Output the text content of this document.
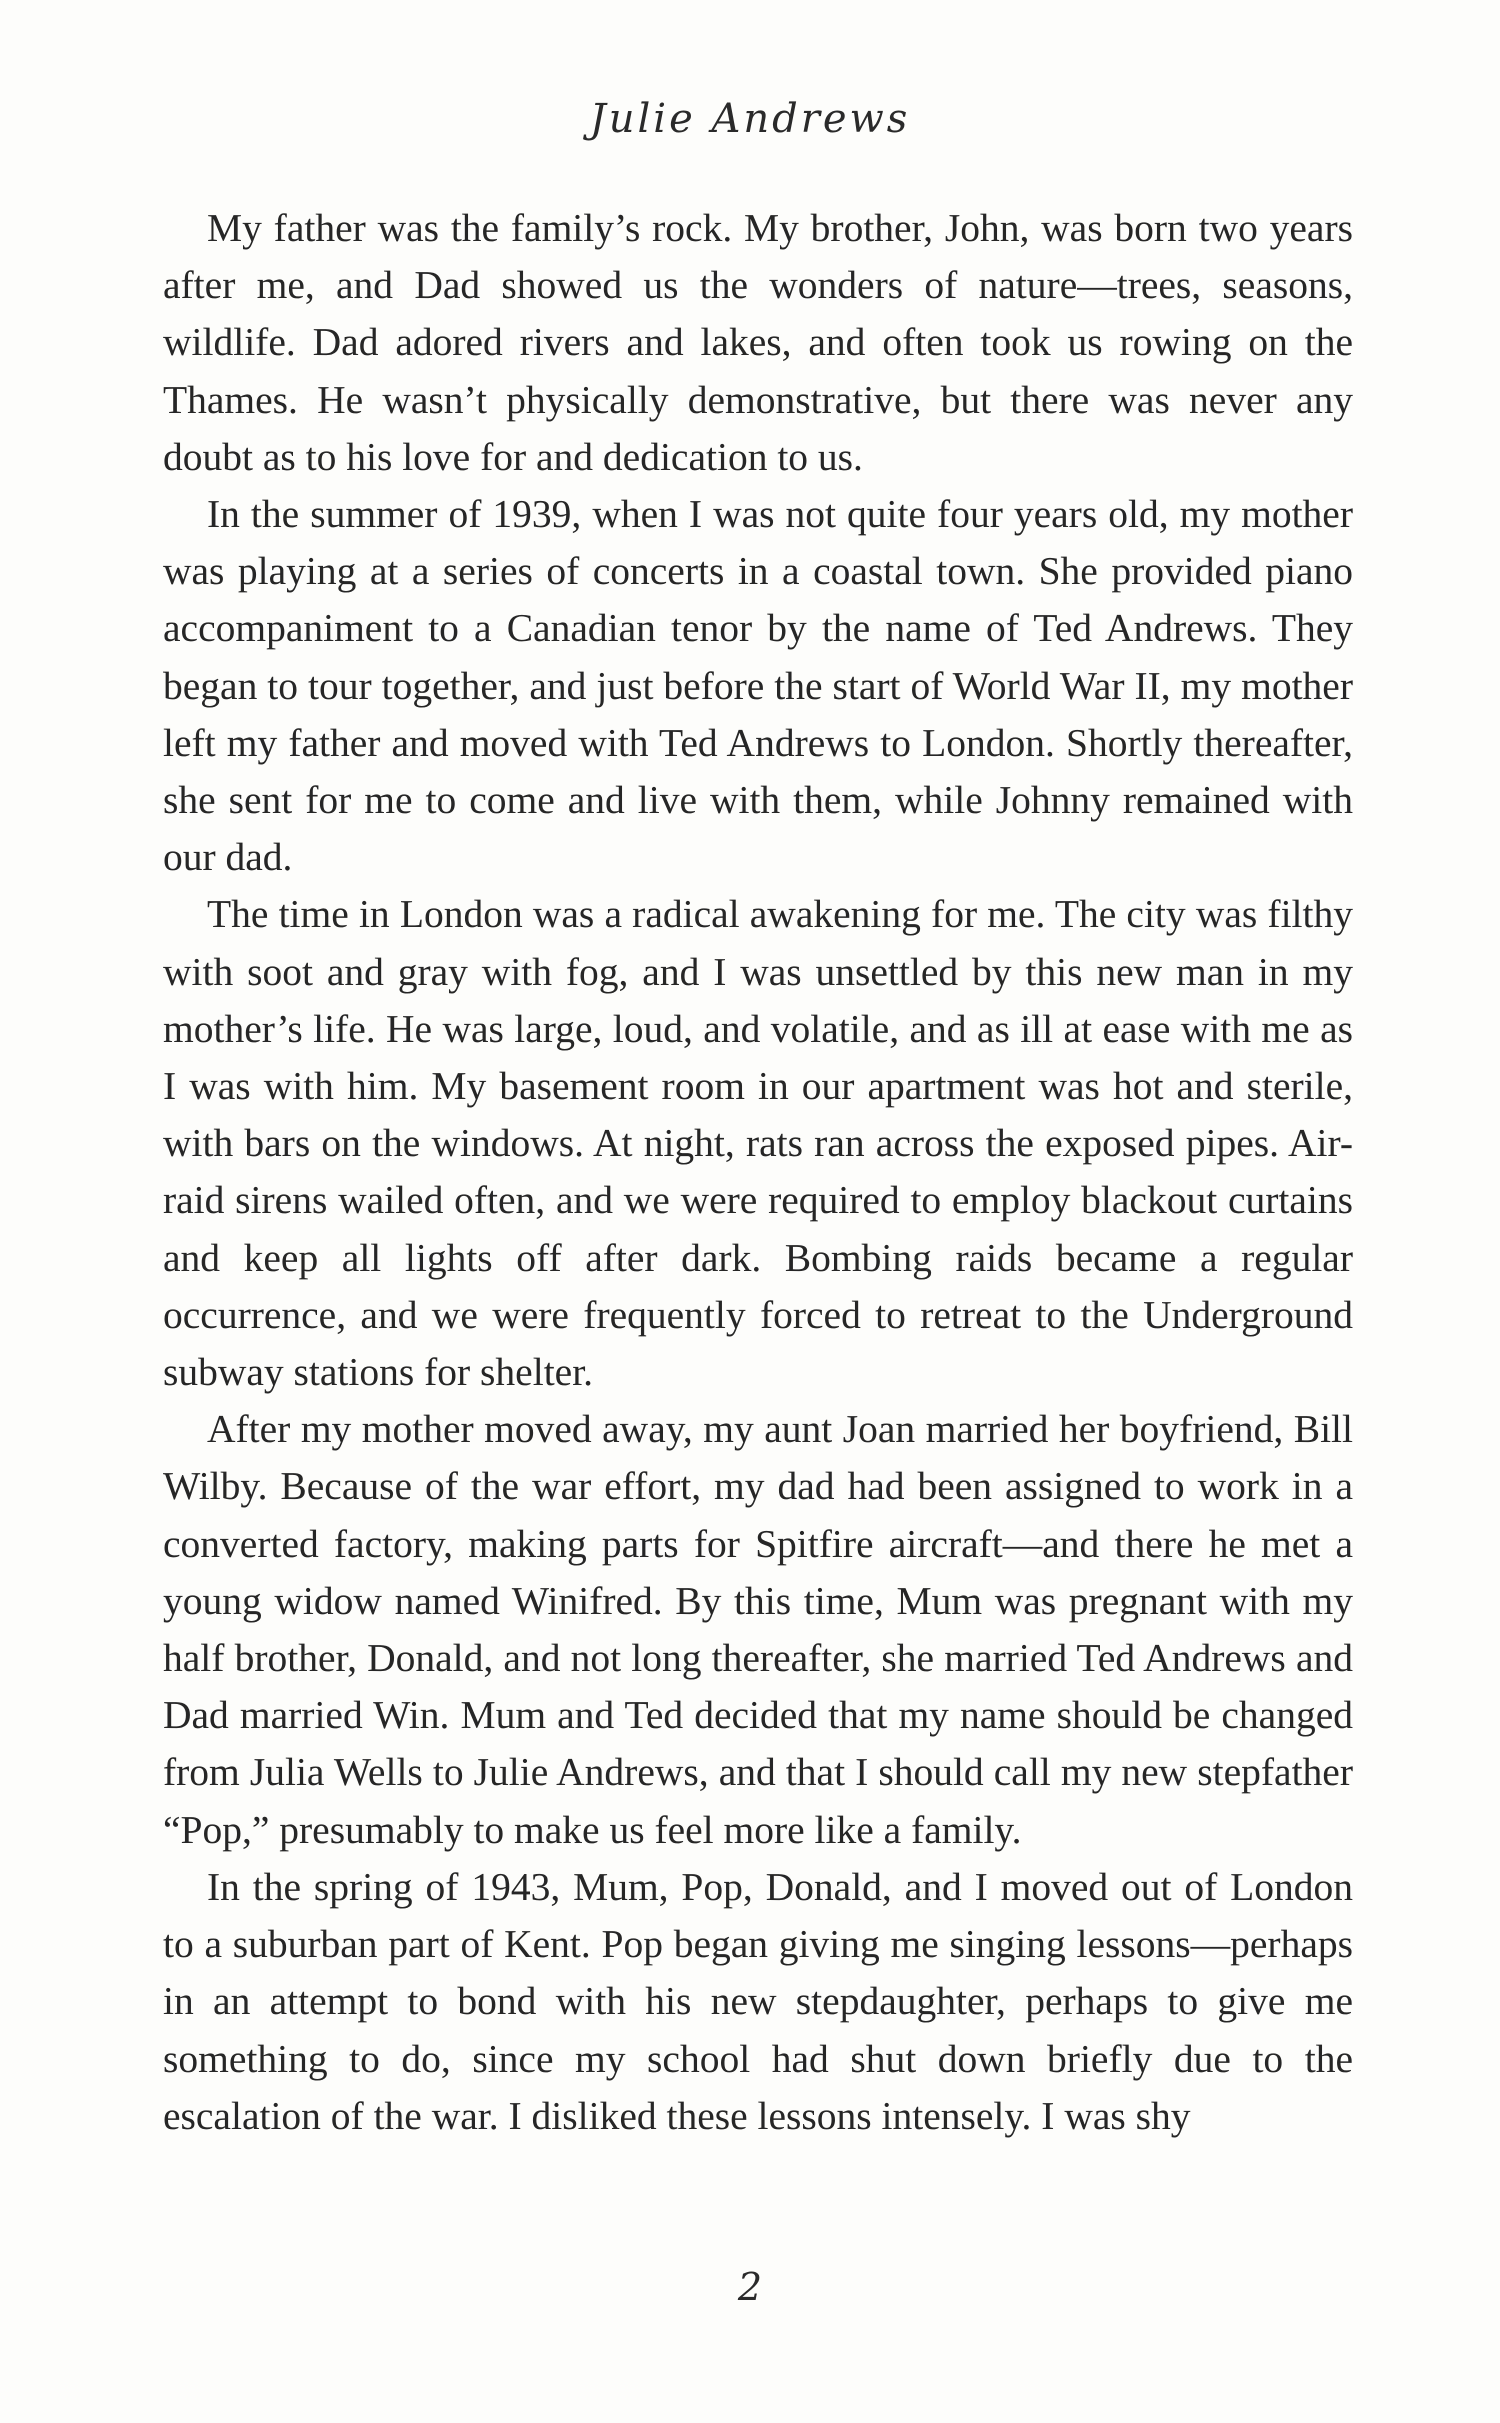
Julie Andrews

My father was the family’s rock. My brother, John, was born two years after me, and Dad showed us the wonders of nature—trees, seasons, wildlife. Dad adored rivers and lakes, and often took us rowing on the Thames. He wasn’t physically demonstrative, but there was never any doubt as to his love for and dedication to us.

In the summer of 1939, when I was not quite four years old, my mother was playing at a series of concerts in a coastal town. She provided piano accompaniment to a Canadian tenor by the name of Ted Andrews. They began to tour together, and just before the start of World War II, my mother left my father and moved with Ted Andrews to London. Shortly thereafter, she sent for me to come and live with them, while Johnny remained with our dad.

The time in London was a radical awakening for me. The city was filthy with soot and gray with fog, and I was unsettled by this new man in my mother’s life. He was large, loud, and volatile, and as ill at ease with me as I was with him. My basement room in our apartment was hot and sterile, with bars on the windows. At night, rats ran across the exposed pipes. Air-raid sirens wailed often, and we were required to employ blackout curtains and keep all lights off after dark. Bombing raids became a regular occurrence, and we were frequently forced to retreat to the Underground subway stations for shelter.

After my mother moved away, my aunt Joan married her boyfriend, Bill Wilby. Because of the war effort, my dad had been assigned to work in a converted factory, making parts for Spitfire aircraft—and there he met a young widow named Winifred. By this time, Mum was pregnant with my half brother, Donald, and not long thereafter, she married Ted Andrews and Dad married Win. Mum and Ted decided that my name should be changed from Julia Wells to Julie Andrews, and that I should call my new stepfather “Pop,” presumably to make us feel more like a family.

In the spring of 1943, Mum, Pop, Donald, and I moved out of London to a suburban part of Kent. Pop began giving me singing lessons—perhaps in an attempt to bond with his new stepdaughter, perhaps to give me something to do, since my school had shut down briefly due to the escalation of the war. I disliked these lessons intensely. I was shy

2
